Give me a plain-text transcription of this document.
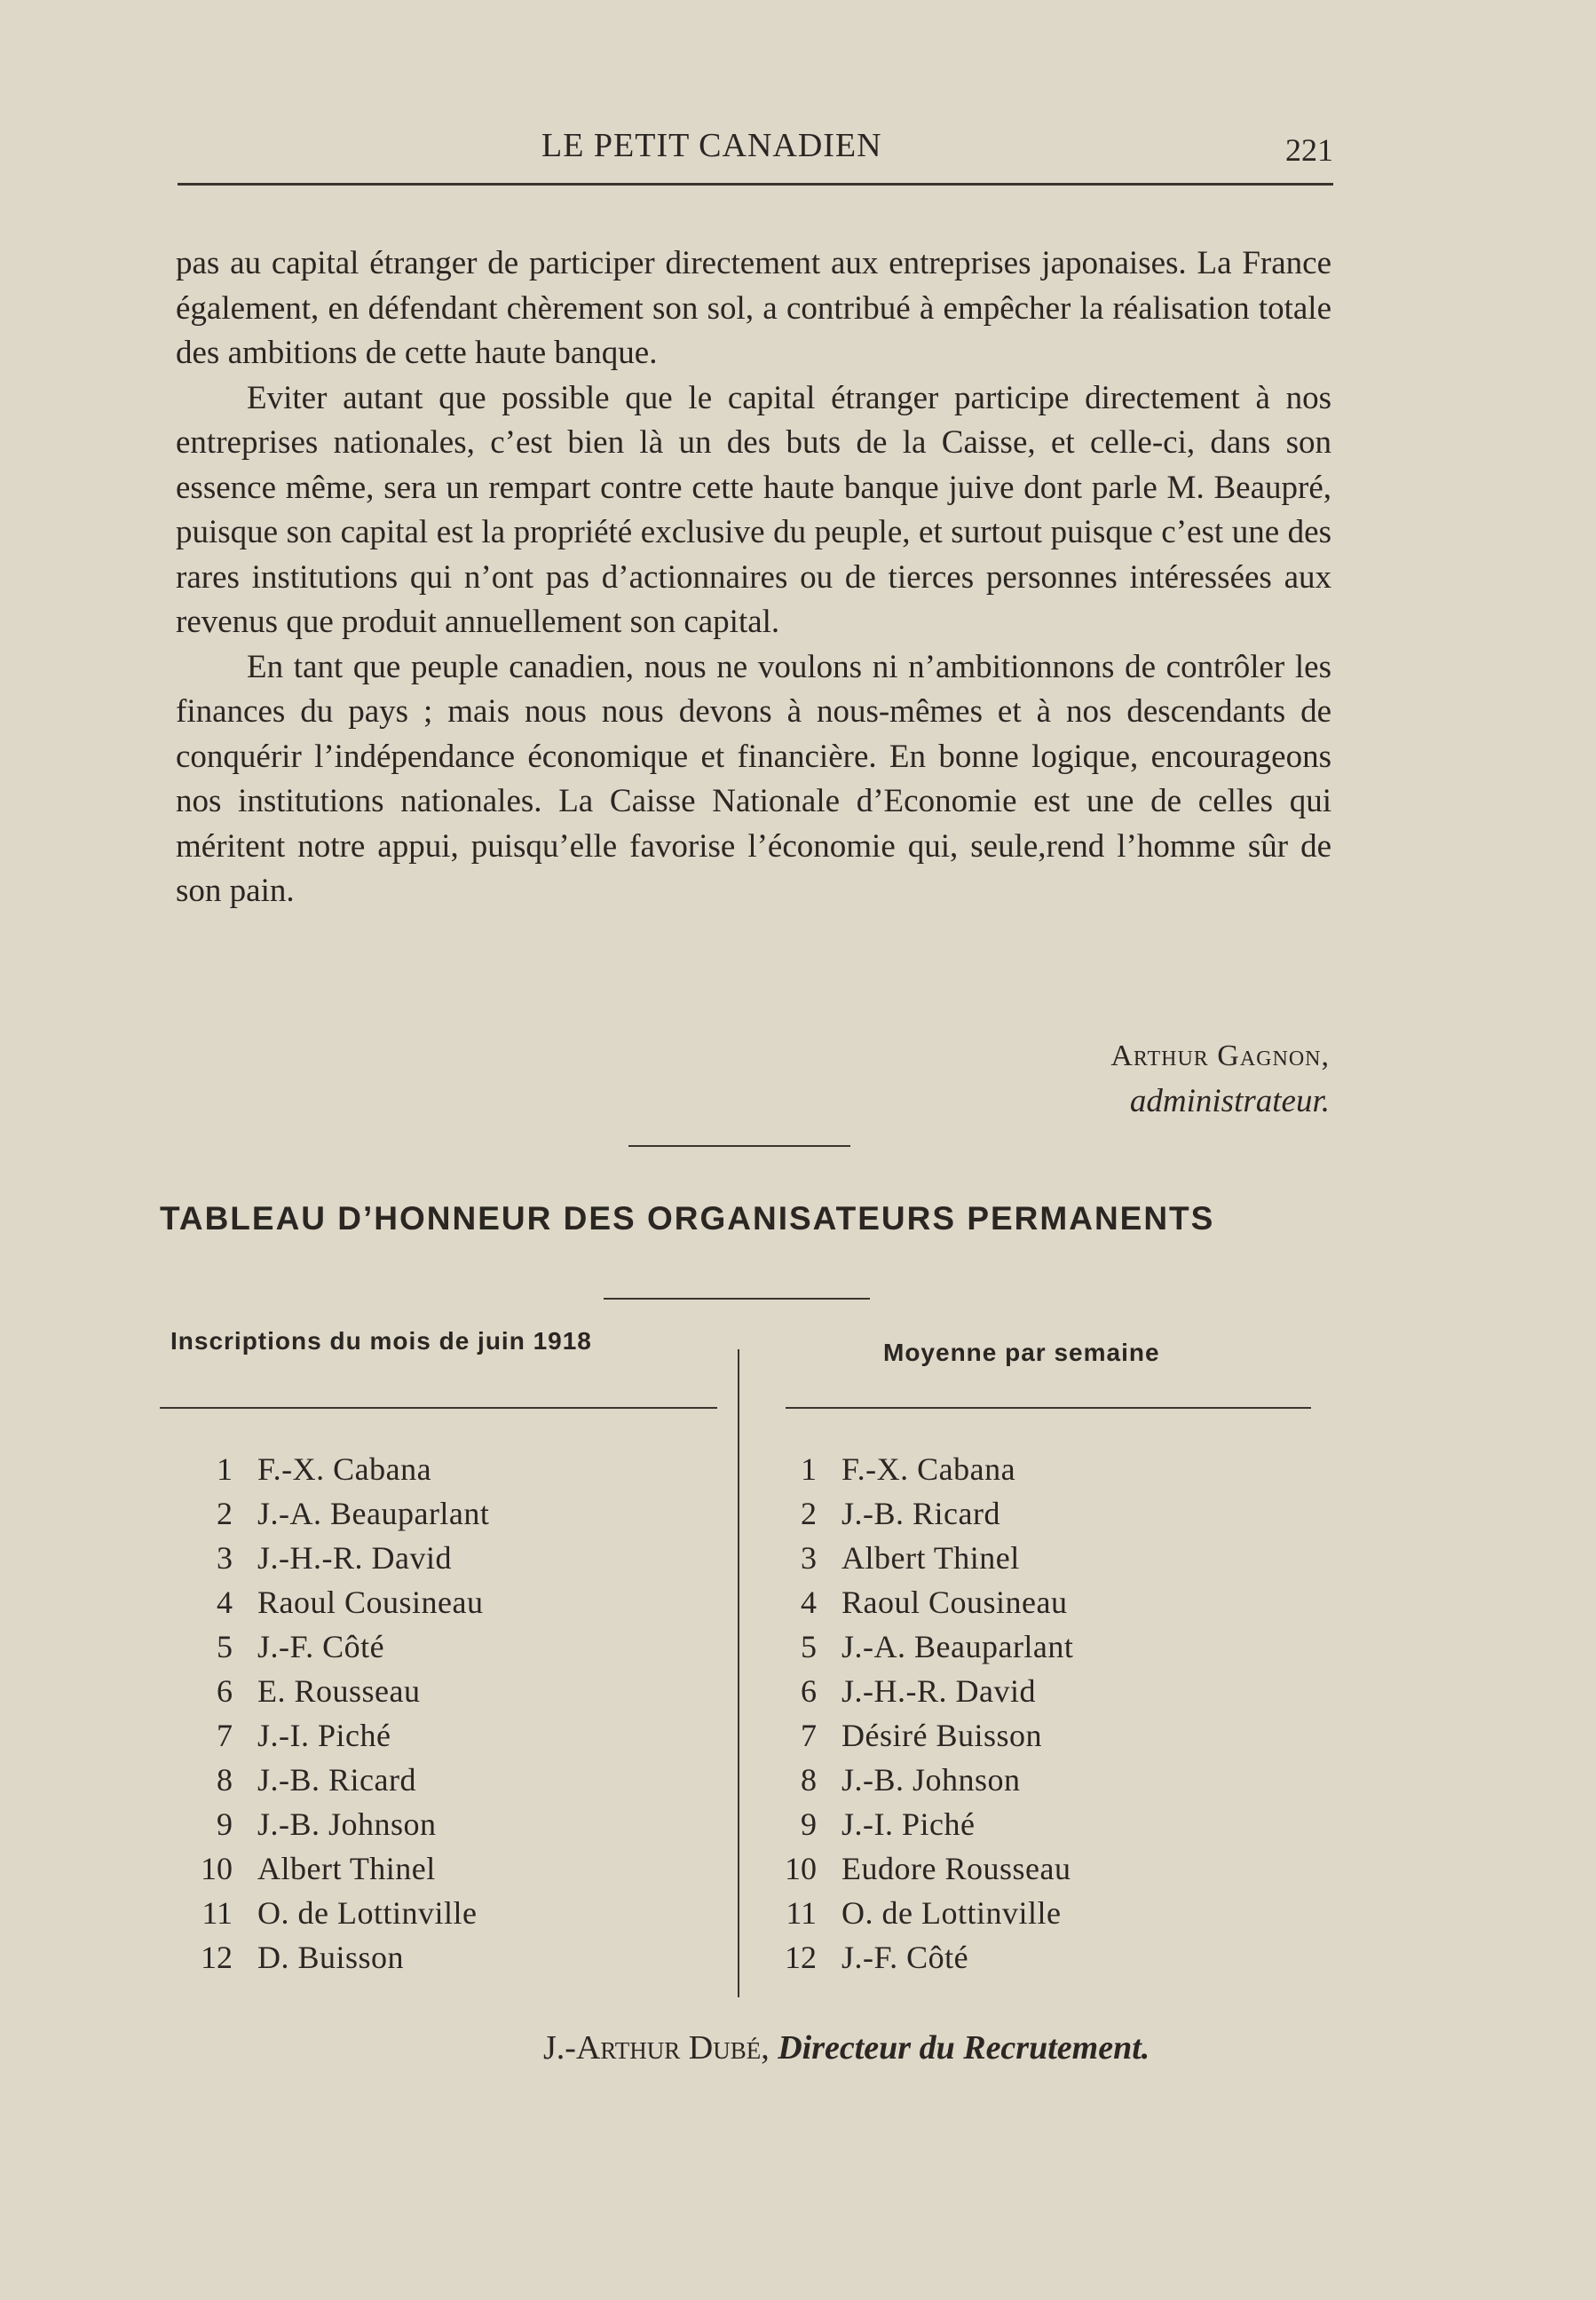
LE PETIT CANADIEN	221

pas au capital étranger de participer directement aux entreprises japonaises. La France également, en défendant chèrement son sol, a contribué à empêcher la réalisation totale des ambitions de cette haute banque.

Eviter autant que possible que le capital étranger participe directement à nos entreprises nationales, c’est bien là un des buts de la Caisse, et celle-ci, dans son essence même, sera un rempart contre cette haute banque juive dont parle M. Beaupré, puisque son capital est la propriété exclusive du peuple, et surtout puisque c’est une des rares institutions qui n’ont pas d’actionnaires ou de tierces personnes intéressées aux revenus que produit annuellement son capital.

En tant que peuple canadien, nous ne voulons ni n’ambitionnons de contrôler les finances du pays ; mais nous nous devons à nous-mêmes et à nos descendants de conquérir l’indépendance économique et financière. En bonne logique, encourageons nos institutions nationales. La Caisse Nationale d’Economie est une de celles qui méritent notre appui, puisqu’elle favorise l’économie qui, seule,rend l’homme sûr de son pain.

Arthur Gagnon,
administrateur.
TABLEAU D’HONNEUR DES ORGANISATEURS PERMANENTS
Inscriptions du mois de juin 1918	Moyenne par semaine
1 F.-X. Cabana
2 J.-A. Beauparlant
3 J.-H.-R. David
4 Raoul Cousineau
5 J.-F. Côté
6 E. Rousseau
7 J.-I. Piché
8 J.-B. Ricard
9 J.-B. Johnson
10 Albert Thinel
11 O. de Lottinville
12 D. Buisson
1 F.-X. Cabana
2 J.-B. Ricard
3 Albert Thinel
4 Raoul Cousineau
5 J.-A. Beauparlant
6 J.-H.-R. David
7 Désiré Buisson
8 J.-B. Johnson
9 J.-I. Piché
10 Eudore Rousseau
11 O. de Lottinville
12 J.-F. Côté
J.-Arthur Dubé, Directeur du Recrutement.
